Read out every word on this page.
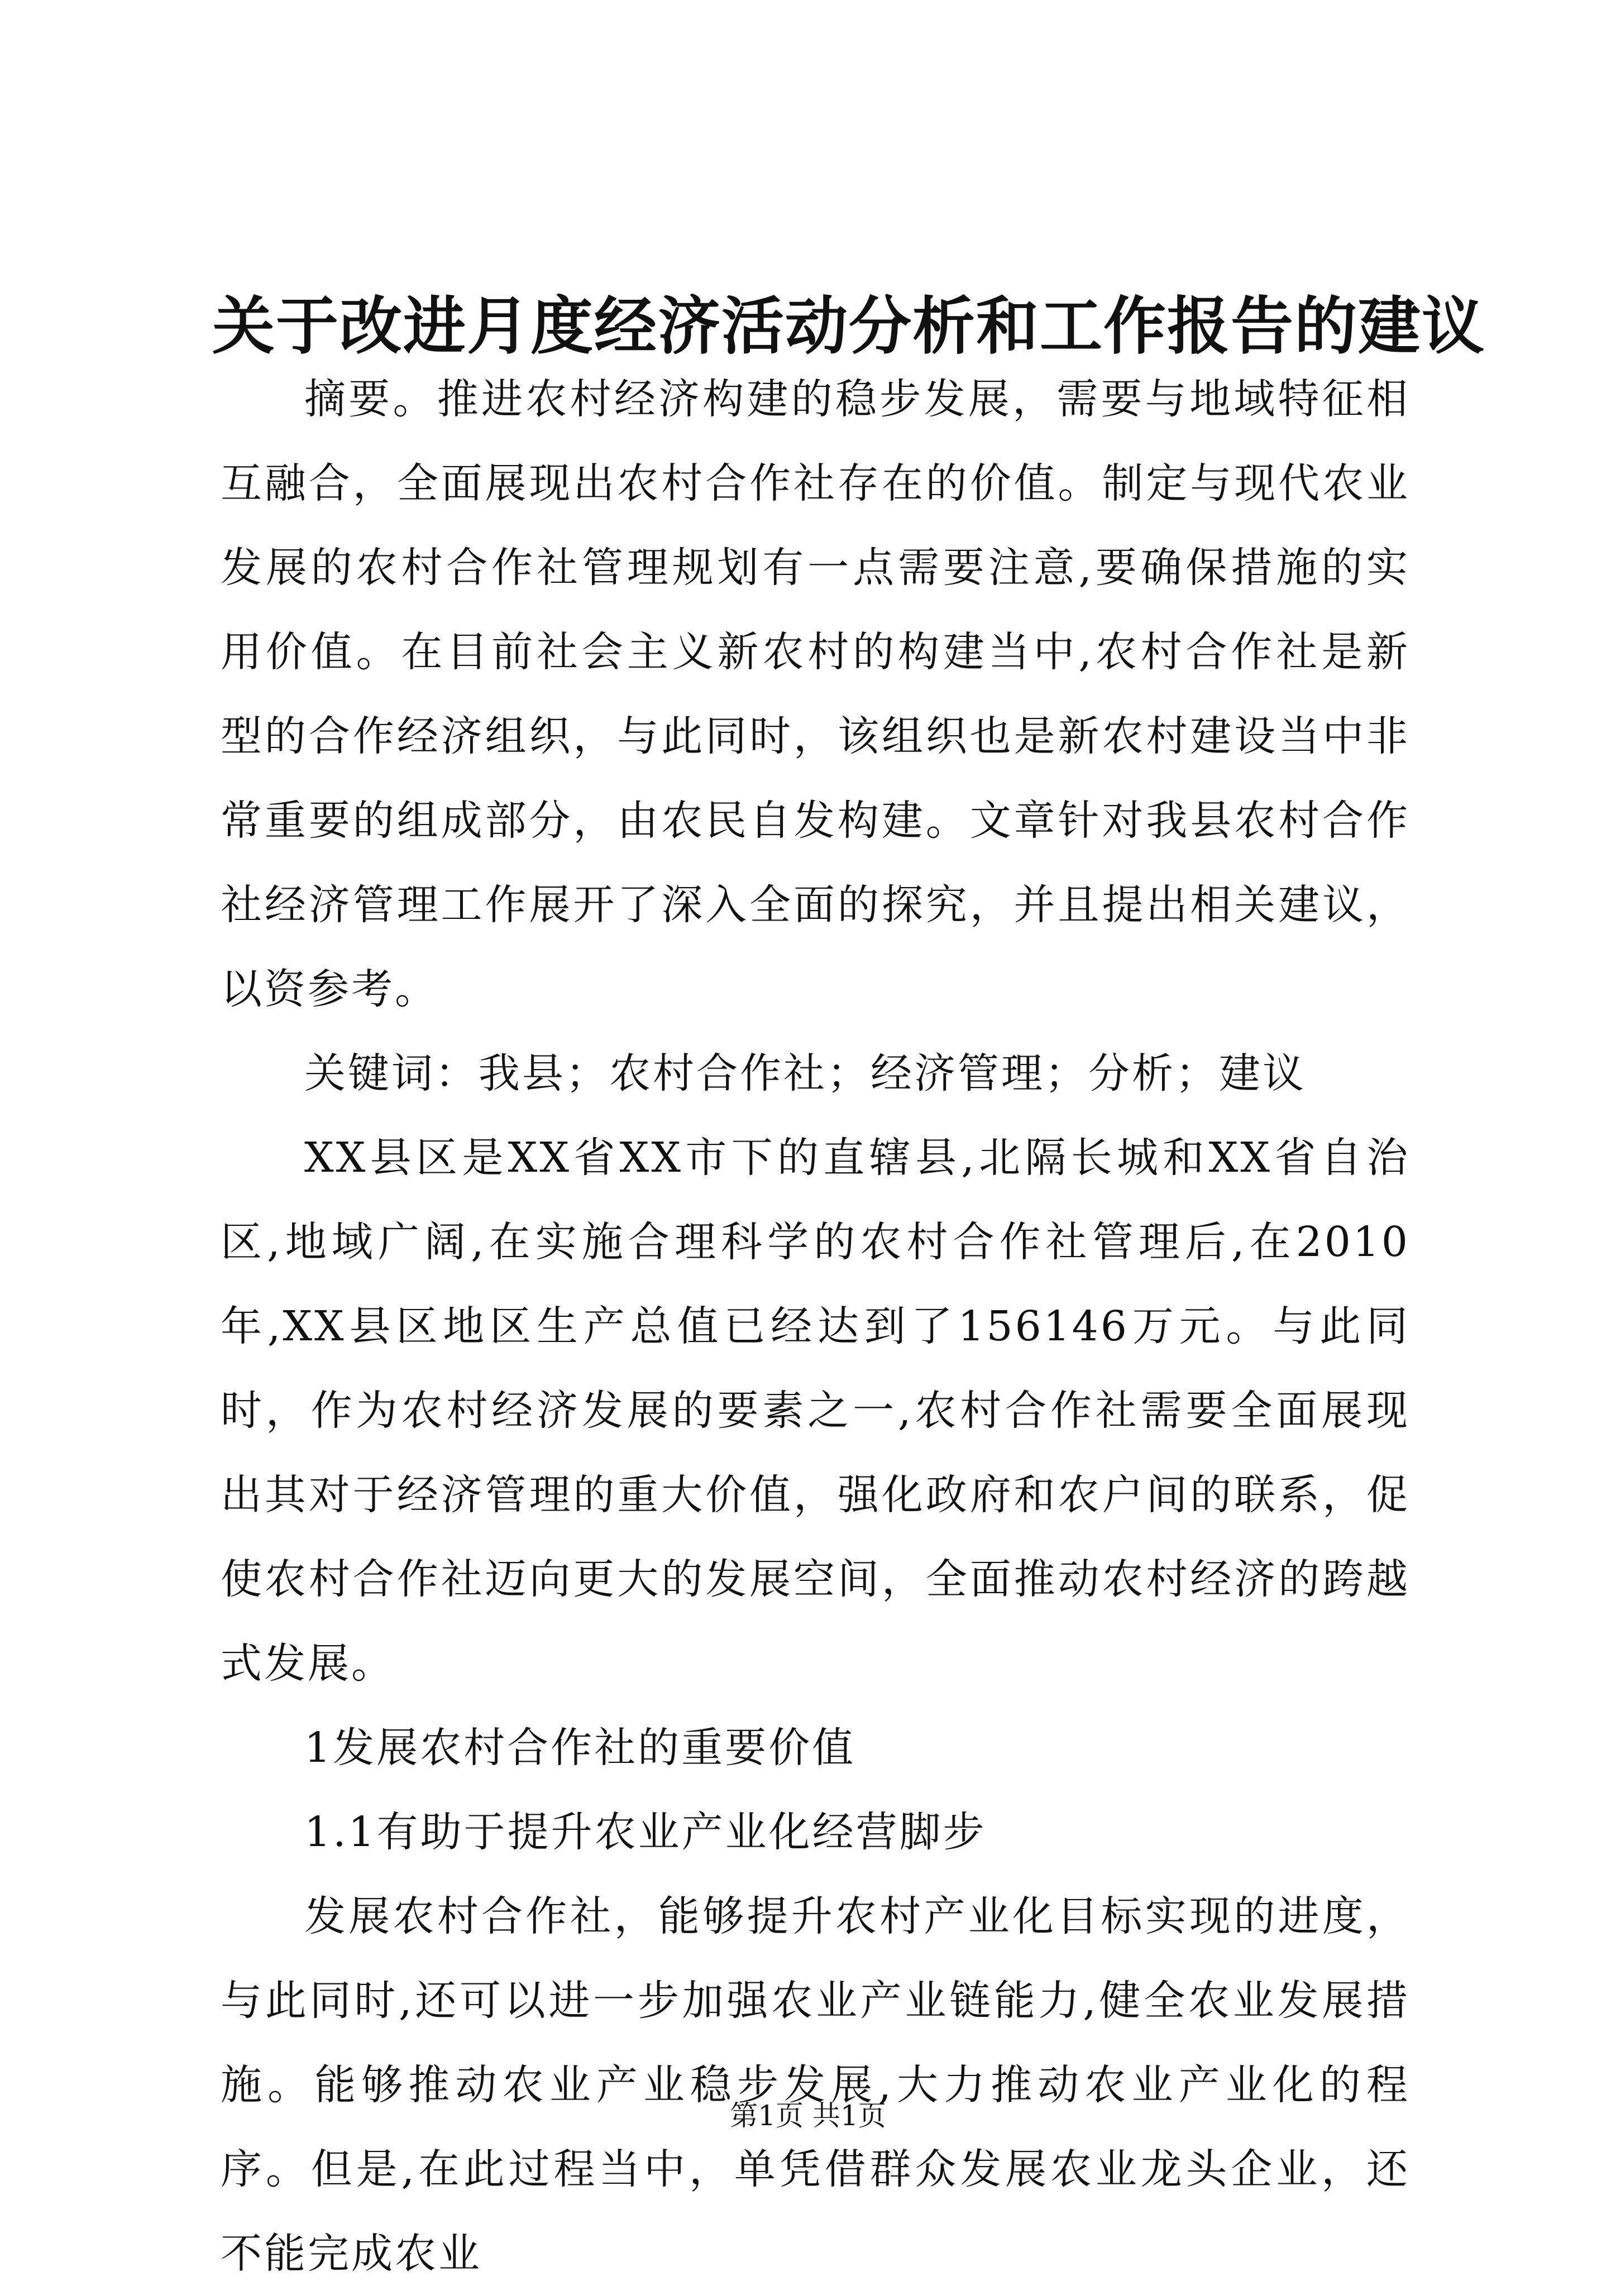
关于改进月度经济活动分析和工作报告的建议

摘要。推进农村经济构建的稳步发展，需要与地域特征相互融合，全面展现出农村合作社存在的价值。制定与现代农业发展的农村合作社管理规划有一点需要注意,要确保措施的实用价值。在目前社会主义新农村的构建当中,农村合作社是新型的合作经济组织，与此同时，该组织也是新农村建设当中非常重要的组成部分，由农民自发构建。文章针对我县农村合作社经济管理工作展开了深入全面的探究，并且提出相关建议，以资参考。

关键词：我县；农村合作社；经济管理；分析；建议

XX县区是XX省XX市下的直辖县,北隔长城和XX省自治区,地域广阔,在实施合理科学的农村合作社管理后,在2010年,XX县区地区生产总值已经达到了156146万元。与此同时，作为农村经济发展的要素之一,农村合作社需要全面展现出其对于经济管理的重大价值，强化政府和农户间的联系，促使农村合作社迈向更大的发展空间，全面推动农村经济的跨越式发展。

1发展农村合作社的重要价值

1.1有助于提升农业产业化经营脚步

发展农村合作社，能够提升农村产业化目标实现的进度，与此同时,还可以进一步加强农业产业链能力,健全农业发展措施。能够推动农业产业稳步发展,大力推动农业产业化的程序。但是,在此过程当中，单凭借群众发展农业龙头企业，还不能完成农业

第1页 共1页
